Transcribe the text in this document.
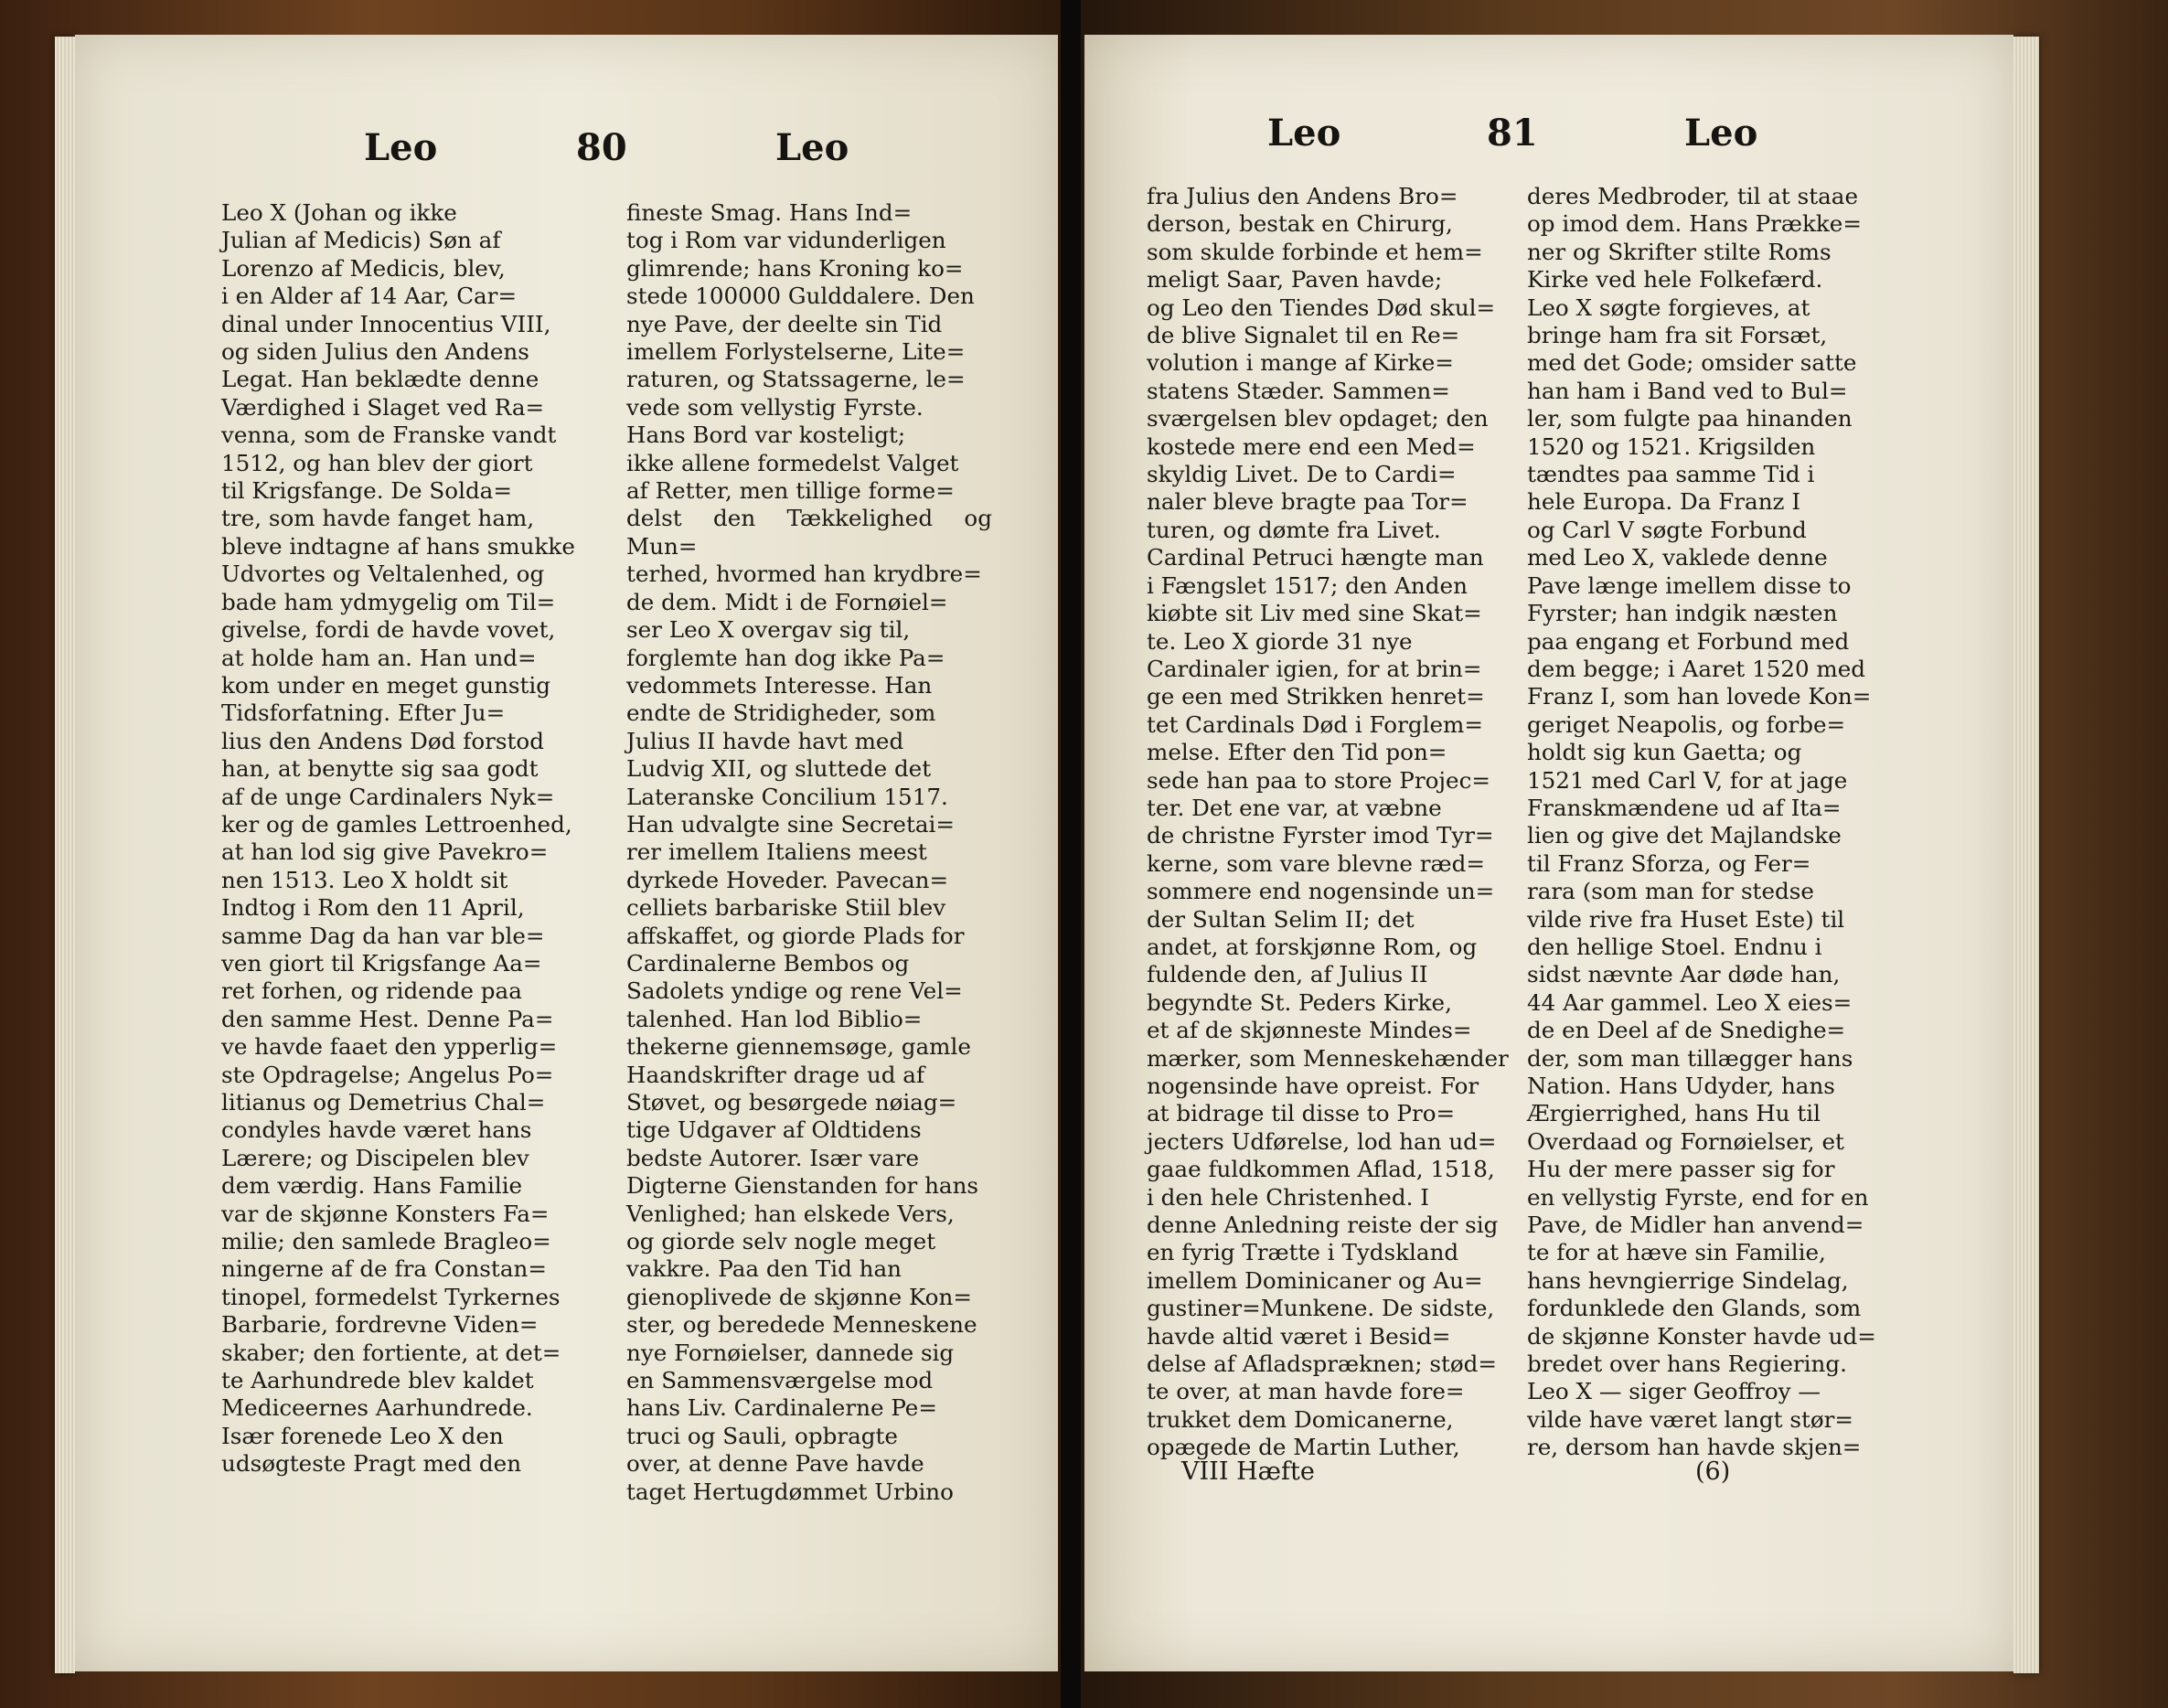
Leo	80	Leo
Leo X (Johan og ikke
Julian af Medicis) Søn af
Lorenzo af Medicis, blev,
i en Alder af 14 Aar, Car=
dinal under Innocentius VIII,
og siden Julius den Andens
Legat. Han beklædte denne
Værdighed i Slaget ved Ra=
venna, som de Franske vandt
1512, og han blev der giort
til Krigsfange. De Solda=
tre, som havde fanget ham,
bleve indtagne af hans smukke
Udvortes og Veltalenhed, og
bade ham ydmygelig om Til=
givelse, fordi de havde vovet,
at holde ham an. Han und=
kom under en meget gunstig
Tidsforfatning. Efter Ju=
lius den Andens Død forstod
han, at benytte sig saa godt
af de unge Cardinalers Nyk=
ker og de gamles Lettroenhed,
at han lod sig give Pavekro=
nen 1513. Leo X holdt sit
Indtog i Rom den 11 April,
samme Dag da han var ble=
ven giort til Krigsfange Aa=
ret forhen, og ridende paa
den samme Hest. Denne Pa=
ve havde faaet den ypperlig=
ste Opdragelse; Angelus Po=
litianus og Demetrius Chal=
condyles havde været hans
Lærere; og Discipelen blev
dem værdig. Hans Familie
var de skjønne Konsters Fa=
milie; den samlede Bragleo=
ningerne af de fra Constan=
tinopel, formedelst Tyrkernes
Barbarie, fordrevne Viden=
skaber; den fortiente, at det=
te Aarhundrede blev kaldet
Mediceernes Aarhundrede.
Især forenede Leo X den
udsøgteste Pragt med den
fineste Smag. Hans Ind=
tog i Rom var vidunderligen
glimrende; hans Kroning ko=
stede 100000 Gulddalere. Den
nye Pave, der deelte sin Tid
imellem Forlystelserne, Lite=
raturen, og Statssagerne, le=
vede som vellystig Fyrste.
Hans Bord var kosteligt;
ikke allene formedelst Valget
af Retter, men tillige forme=
delst den Tækkelighed og Mun=
terhed, hvormed han krydbre=
de dem. Midt i de Fornøiel=
ser Leo X overgav sig til,
forglemte han dog ikke Pa=
vedommets Interesse. Han
endte de Stridigheder, som
Julius II havde havt med
Ludvig XII, og sluttede det
Lateranske Concilium 1517.
Han udvalgte sine Secretai=
rer imellem Italiens meest
dyrkede Hoveder. Pavecan=
celliets barbariske Stiil blev
affskaffet, og giorde Plads for
Cardinalerne Bembos og
Sadolets yndige og rene Vel=
talenhed. Han lod Biblio=
thekerne giennemsøge, gamle
Haandskrifter drage ud af
Støvet, og besørgede nøiag=
tige Udgaver af Oldtidens
bedste Autorer. Især vare
Digterne Gienstanden for hans
Venlighed; han elskede Vers,
og giorde selv nogle meget
vakkre. Paa den Tid han
gienoplivede de skjønne Kon=
ster, og beredede Menneskene
nye Fornøielser, dannede sig
en Sammensværgelse mod
hans Liv. Cardinalerne Pe=
truci og Sauli, opbragte
over, at denne Pave havde
taget Hertugdømmet Urbino
Leo	81	Leo
fra Julius den Andens Bro=
derson, bestak en Chirurg,
som skulde forbinde et hem=
meligt Saar, Paven havde;
og Leo den Tiendes Død skul=
de blive Signalet til en Re=
volution i mange af Kirke=
statens Stæder. Sammen=
sværgelsen blev opdaget; den
kostede mere end een Med=
skyldig Livet. De to Cardi=
naler bleve bragte paa Tor=
turen, og dømte fra Livet.
Cardinal Petruci hængte man
i Fængslet 1517; den Anden
kiøbte sit Liv med sine Skat=
te. Leo X giorde 31 nye
Cardinaler igien, for at brin=
ge een med Strikken henret=
tet Cardinals Død i Forglem=
melse. Efter den Tid pon=
sede han paa to store Projec=
ter. Det ene var, at væbne
de christne Fyrster imod Tyr=
kerne, som vare blevne ræd=
sommere end nogensinde un=
der Sultan Selim II; det
andet, at forskjønne Rom, og
fuldende den, af Julius II
begyndte St. Peders Kirke,
et af de skjønneste Mindes=
mærker, som Menneskehænder
nogensinde have opreist. For
at bidrage til disse to Pro=
jecters Udførelse, lod han ud=
gaae fuldkommen Aflad, 1518,
i den hele Christenhed. I
denne Anledning reiste der sig
en fyrig Trætte i Tydskland
imellem Dominicaner og Au=
gustiner=Munkene. De sidste,
havde altid været i Besid=
delse af Afladspræknen; stød=
te over, at man havde fore=
trukket dem Domicanerne,
opægede de Martin Luther,
deres Medbroder, til at staae
op imod dem. Hans Prække=
ner og Skrifter stilte Roms
Kirke ved hele Folkefærd.
Leo X søgte forgieves, at
bringe ham fra sit Forsæt,
med det Gode; omsider satte
han ham i Band ved to Bul=
ler, som fulgte paa hinanden
1520 og 1521. Krigsilden
tændtes paa samme Tid i
hele Europa. Da Franz I
og Carl V søgte Forbund
med Leo X, vaklede denne
Pave længe imellem disse to
Fyrster; han indgik næsten
paa engang et Forbund med
dem begge; i Aaret 1520 med
Franz I, som han lovede Kon=
geriget Neapolis, og forbe=
holdt sig kun Gaetta; og
1521 med Carl V, for at jage
Franskmændene ud af Ita=
lien og give det Majlandske
til Franz Sforza, og Fer=
rara (som man for stedse
vilde rive fra Huset Este) til
den hellige Stoel. Endnu i
sidst nævnte Aar døde han,
44 Aar gammel. Leo X eies=
de en Deel af de Snedighe=
der, som man tillægger hans
Nation. Hans Udyder, hans
Ærgierrighed, hans Hu til
Overdaad og Fornøielser, et
Hu der mere passer sig for
en vellystig Fyrste, end for en
Pave, de Midler han anvend=
te for at hæve sin Familie,
hans hevngierrige Sindelag,
fordunklede den Glands, som
de skjønne Konster havde ud=
bredet over hans Regiering.
Leo X — siger Geoffroy —
vilde have været langt stør=
re, dersom han havde skjen=
VIII Hæfte	(6)
